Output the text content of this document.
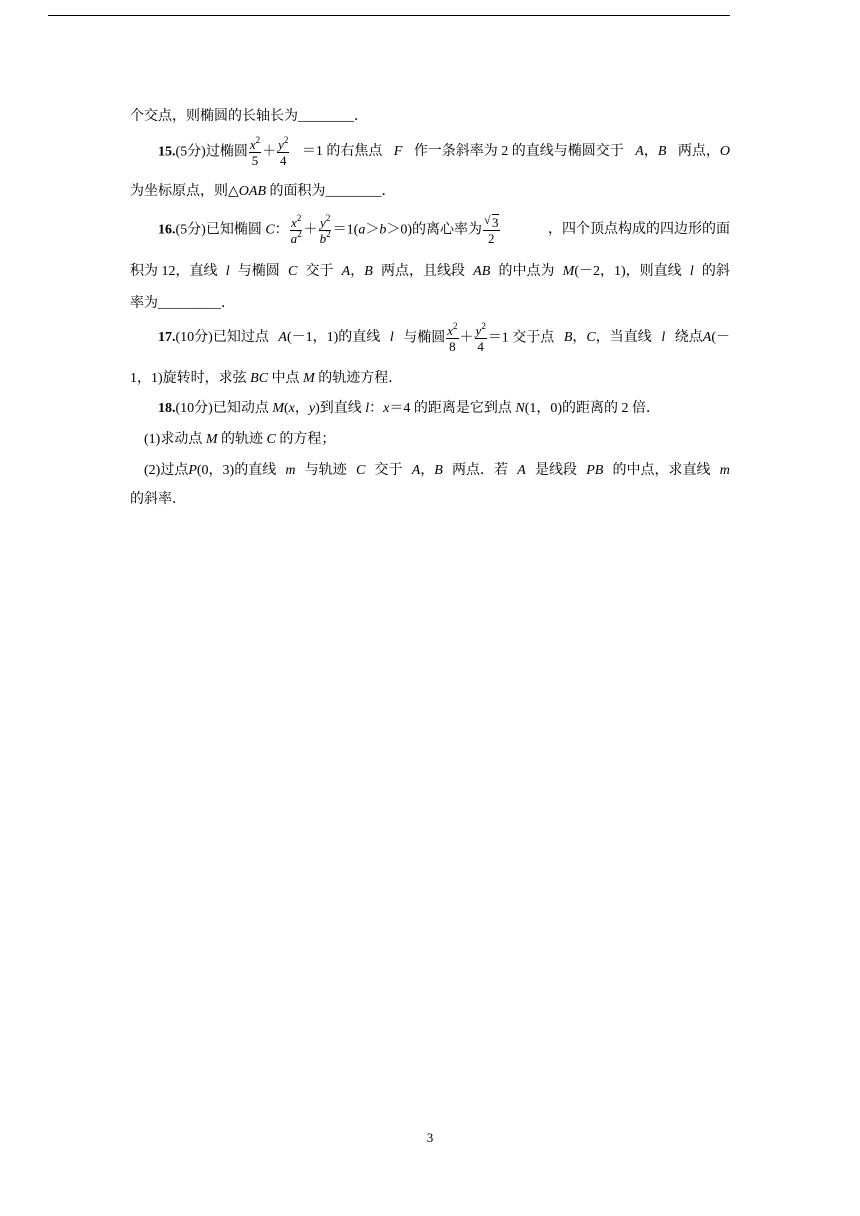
个交点，则椭圆的长轴长为________．
15.(5分)过椭圆 $\frac{x^2}{5} + \frac{y^2}{4} =1$ 的右焦点 F 作一条斜率为 2 的直线与椭圆交于 A，B 两点，O
为坐标原点，则△ OAB
的面积为________．
16.(5分)已知椭圆 C： $\frac{x^2}{a^2} + \frac{y^2}{b^2} =1(a>b>0)$的离心率为 $\frac{√ 3}{2}$	，四个顶点构成的四边形的面
积为 12，直线 l 与椭圆 C 交于 A，B 两点，且线段 AB 的中点为 M(－2，1)，则直线 l 的斜
率为_________．
17.(10分)已知过点 A(－1，1)的直线 l 与椭圆 $\frac{x^2}{8} + \frac{y^2}{4} =1$ 交于点 B，C，当直线 l 绕点A(－
1，1)旋转时，求弦
BC
中点
M
的轨迹方程．
18. (10分) 已知动点
M ( x ， y )到直线
l ： x ＝4 的距离是它到点
N (1，0)的距离的 2 倍．
(1)求动点
M
的轨迹
C
的方程；
(2)过点P(0，3)的直线 m 与轨迹 C 交于 A，B 两点．若 A 是线段 PB 的中点，求直线 m
的斜率．
3
